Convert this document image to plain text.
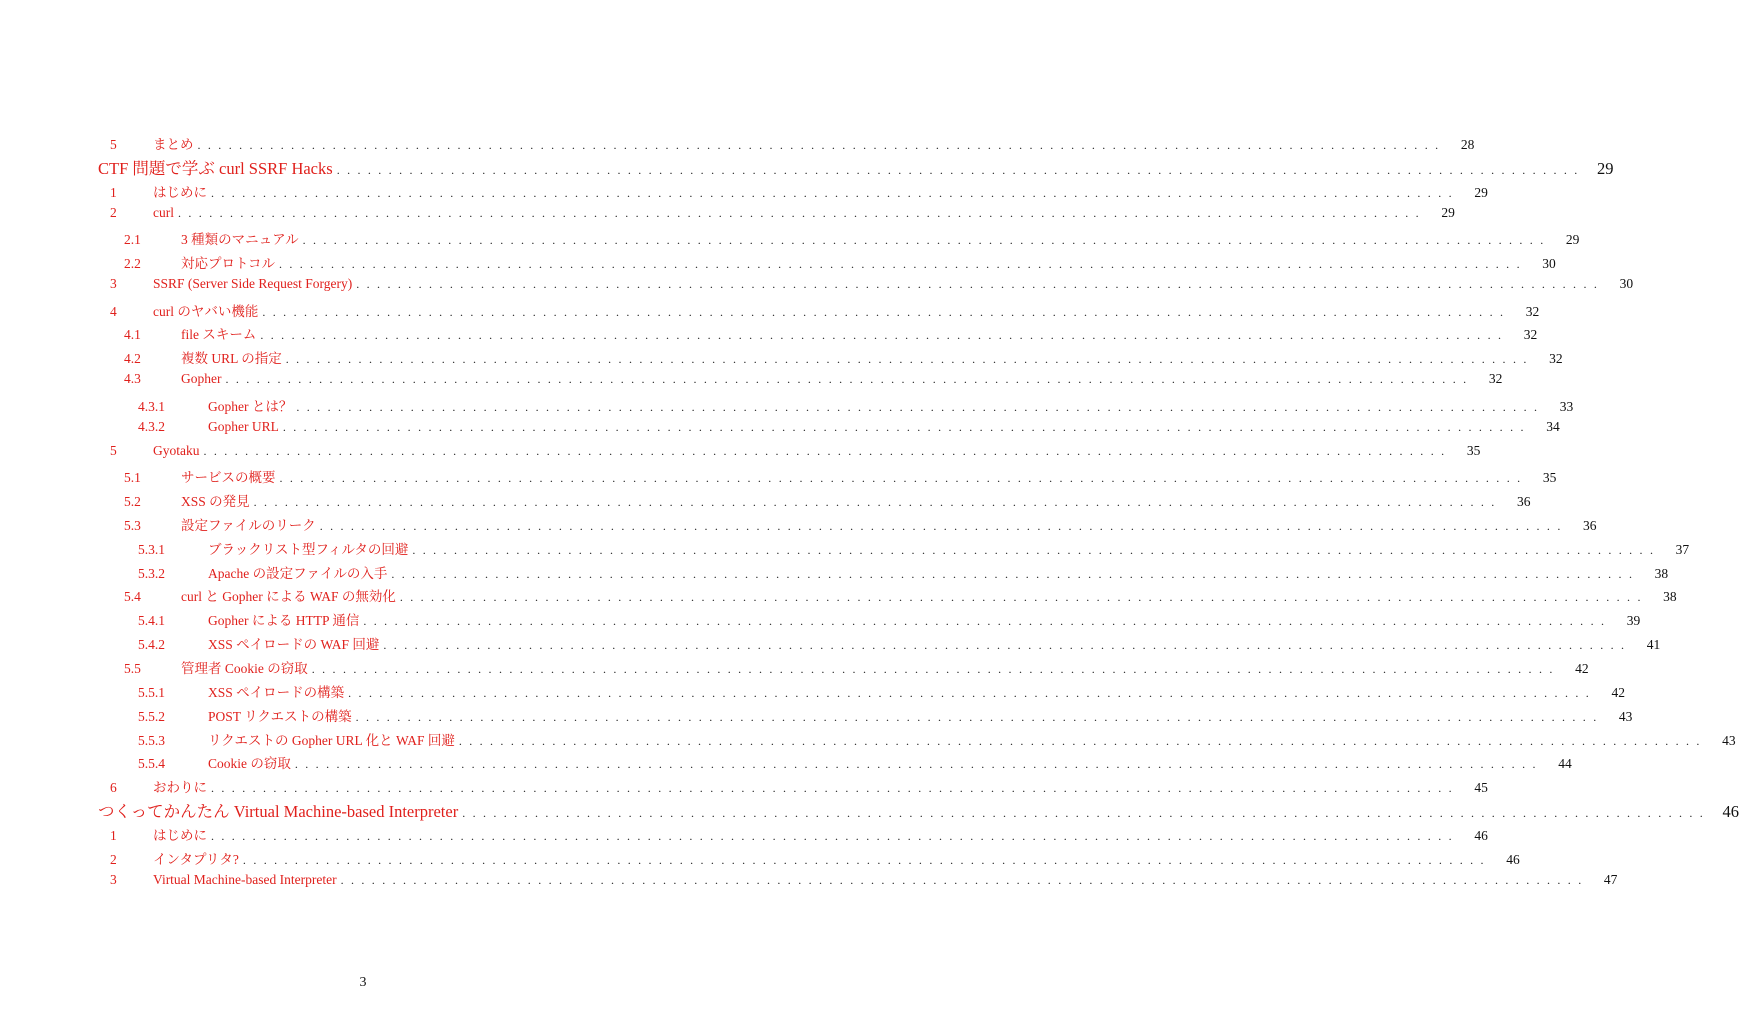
5	まとめ . . . . . . . . . . . . . . . . . . . . . . . . . . . . . . . . . . . . . . . . . . . . . . . . . . . . . . . . . . . . . . . . . . . . . . . . . . . . . . . . . . . . . . . . . . . . . . . . . . . . . . . . . . . . . . . . . . . . . . . .	28
CTF 問題で学ぶ curl SSRF Hacks . . . . . . . . . . . . . . . . . . . . . . . . . . . . . . . . . . . . . . . . . . . . . . . . . . . . . . . . . . . . . . . . . . . . . . . . . . . . . . . . . . . . . . . . . . . . . . . . . . . . . . . . . . . . . . . . . . . . . . . . 29
1	はじめに . . . . . . . . . . . . . . . . . . . . . . . . . . . . . . . . . . . . . . . . . . . . . . . . . . . . . . . . . . . . . . . . . . . . . . . . . . . . . . . . . . . . . . . . . . . . . . . . . . . . . . . . . . . . . . . . . . . . . . . .	29
2	curl . . . . . . . . . . . . . . . . . . . . . . . . . . . . . . . . . . . . . . . . . . . . . . . . . . . . . . . . . . . . . . . . . . . . . . . . . . . . . . . . . . . . . . . . . . . . . . . . . . . . . . . . . . . . . . . . . . . . . . . .	29
2.1	3 種類のマニュアル . . . . . . . . . . . . . . . . . . . . . . . . . . . . . . . . . . . . . . . . . . . . . . . . . . . . . . . . . . . . . . . . . . . . . . . . . . . . . . . . . . . . . . . . . . . . . . . . . . . . . . . . . . . . . . . . . . . . . . . .	29
2.2	対応プロトコル . . . . . . . . . . . . . . . . . . . . . . . . . . . . . . . . . . . . . . . . . . . . . . . . . . . . . . . . . . . . . . . . . . . . . . . . . . . . . . . . . . . . . . . . . . . . . . . . . . . . . . . . . . . . . . . . . . . . . . . .	30
3	SSRF (Server Side Request Forgery) . . . . . . . . . . . . . . . . . . . . . . . . . . . . . . . . . . . . . . . . . . . . . . . . . . . . . . . . . . . . . . . . . . . . . . . . . . . . . . . . . . . . . . . . . . . . . . . . . . . . . . . . . . . . . . . . . . . . . . . .	30
4	curl のヤバい機能 . . . . . . . . . . . . . . . . . . . . . . . . . . . . . . . . . . . . . . . . . . . . . . . . . . . . . . . . . . . . . . . . . . . . . . . . . . . . . . . . . . . . . . . . . . . . . . . . . . . . . . . . . . . . . . . . . . . . . . . .	32
4.1	file スキーム . . . . . . . . . . . . . . . . . . . . . . . . . . . . . . . . . . . . . . . . . . . . . . . . . . . . . . . . . . . . . . . . . . . . . . . . . . . . . . . . . . . . . . . . . . . . . . . . . . . . . . . . . . . . . . . . . . . . . . . .	32
4.2	複数 URL の指定 . . . . . . . . . . . . . . . . . . . . . . . . . . . . . . . . . . . . . . . . . . . . . . . . . . . . . . . . . . . . . . . . . . . . . . . . . . . . . . . . . . . . . . . . . . . . . . . . . . . . . . . . . . . . . . . . . . . . . . . .	32
4.3	Gopher . . . . . . . . . . . . . . . . . . . . . . . . . . . . . . . . . . . . . . . . . . . . . . . . . . . . . . . . . . . . . . . . . . . . . . . . . . . . . . . . . . . . . . . . . . . . . . . . . . . . . . . . . . . . . . . . . . . . . . . .	32
4.3.1	Gopher とは？ . . . . . . . . . . . . . . . . . . . . . . . . . . . . . . . . . . . . . . . . . . . . . . . . . . . . . . . . . . . . . . . . . . . . . . . . . . . . . . . . . . . . . . . . . . . . . . . . . . . . . . . . . . . . . . . . . . . . . . . .	33
4.3.2	Gopher URL . . . . . . . . . . . . . . . . . . . . . . . . . . . . . . . . . . . . . . . . . . . . . . . . . . . . . . . . . . . . . . . . . . . . . . . . . . . . . . . . . . . . . . . . . . . . . . . . . . . . . . . . . . . . . . . . . . . . . . . .	34
5	Gyotaku . . . . . . . . . . . . . . . . . . . . . . . . . . . . . . . . . . . . . . . . . . . . . . . . . . . . . . . . . . . . . . . . . . . . . . . . . . . . . . . . . . . . . . . . . . . . . . . . . . . . . . . . . . . . . . . . . . . . . . . .	35
5.1	サービスの概要 . . . . . . . . . . . . . . . . . . . . . . . . . . . . . . . . . . . . . . . . . . . . . . . . . . . . . . . . . . . . . . . . . . . . . . . . . . . . . . . . . . . . . . . . . . . . . . . . . . . . . . . . . . . . . . . . . . . . . . . .	35
5.2	XSS の発見 . . . . . . . . . . . . . . . . . . . . . . . . . . . . . . . . . . . . . . . . . . . . . . . . . . . . . . . . . . . . . . . . . . . . . . . . . . . . . . . . . . . . . . . . . . . . . . . . . . . . . . . . . . . . . . . . . . . . . . . .	36
5.3	設定ファイルのリーク . . . . . . . . . . . . . . . . . . . . . . . . . . . . . . . . . . . . . . . . . . . . . . . . . . . . . . . . . . . . . . . . . . . . . . . . . . . . . . . . . . . . . . . . . . . . . . . . . . . . . . . . . . . . . . . . . . . . . . . .	36
5.3.1	ブラックリスト型フィルタの回避 . . . . . . . . . . . . . . . . . . . . . . . . . . . . . . . . . . . . . . . . . . . . . . . . . . . . . . . . . . . . . . . . . . . . . . . . . . . . . . . . . . . . . . . . . . . . . . . . . . . . . . . . . . . . . . . . . . . . . . . .	37
5.3.2	Apache の設定ファイルの入手 . . . . . . . . . . . . . . . . . . . . . . . . . . . . . . . . . . . . . . . . . . . . . . . . . . . . . . . . . . . . . . . . . . . . . . . . . . . . . . . . . . . . . . . . . . . . . . . . . . . . . . . . . . . . . . . . . . . . . . . .	38
5.4	curl と Gopher による WAF の無効化 . . . . . . . . . . . . . . . . . . . . . . . . . . . . . . . . . . . . . . . . . . . . . . . . . . . . . . . . . . . . . . . . . . . . . . . . . . . . . . . . . . . . . . . . . . . . . . . . . . . . . . . . . . . . . . . . . . . . . . . .	38
5.4.1	Gopher による HTTP 通信 . . . . . . . . . . . . . . . . . . . . . . . . . . . . . . . . . . . . . . . . . . . . . . . . . . . . . . . . . . . . . . . . . . . . . . . . . . . . . . . . . . . . . . . . . . . . . . . . . . . . . . . . . . . . . . . . . . . . . . . .	39
5.4.2	XSS ペイロードの WAF 回避 . . . . . . . . . . . . . . . . . . . . . . . . . . . . . . . . . . . . . . . . . . . . . . . . . . . . . . . . . . . . . . . . . . . . . . . . . . . . . . . . . . . . . . . . . . . . . . . . . . . . . . . . . . . . . . . . . . . . . . . .	41
5.5	管理者 Cookie の窃取 . . . . . . . . . . . . . . . . . . . . . . . . . . . . . . . . . . . . . . . . . . . . . . . . . . . . . . . . . . . . . . . . . . . . . . . . . . . . . . . . . . . . . . . . . . . . . . . . . . . . . . . . . . . . . . . . . . . . . . . .	42
5.5.1	XSS ペイロードの構築 . . . . . . . . . . . . . . . . . . . . . . . . . . . . . . . . . . . . . . . . . . . . . . . . . . . . . . . . . . . . . . . . . . . . . . . . . . . . . . . . . . . . . . . . . . . . . . . . . . . . . . . . . . . . . . . . . . . . . . . .	42
5.5.2	POST リクエストの構築 . . . . . . . . . . . . . . . . . . . . . . . . . . . . . . . . . . . . . . . . . . . . . . . . . . . . . . . . . . . . . . . . . . . . . . . . . . . . . . . . . . . . . . . . . . . . . . . . . . . . . . . . . . . . . . . . . . . . . . . .	43
5.5.3	リクエストの Gopher URL 化と WAF 回避 . . . . . . . . . . . . . . . . . . . . . . . . . . . . . . . . . . . . . . . . . . . . . . . . . . . . . . . . . . . . . . . . . . . . . . . . . . . . . . . . . . . . . . . . . . . . . . . . . . . . . . . . . . . . . . . . . . . . . . . .	43
5.5.4	Cookie の窃取 . . . . . . . . . . . . . . . . . . . . . . . . . . . . . . . . . . . . . . . . . . . . . . . . . . . . . . . . . . . . . . . . . . . . . . . . . . . . . . . . . . . . . . . . . . . . . . . . . . . . . . . . . . . . . . . . . . . . . . . .	44
6	おわりに . . . . . . . . . . . . . . . . . . . . . . . . . . . . . . . . . . . . . . . . . . . . . . . . . . . . . . . . . . . . . . . . . . . . . . . . . . . . . . . . . . . . . . . . . . . . . . . . . . . . . . . . . . . . . . . . . . . . . . . .	45
つくってかんたん Virtual Machine-based Interpreter . . . . . . . . . . . . . . . . . . . . . . . . . . . . . . . . . . . . . . . . . . . . . . . . . . . . . . . . . . . . . . . . . . . . . . . . . . . . . . . . . . . . . . . . . . . . . . . . . . . . . . . . . . . . . . . . . . . . . . . . 46
1	はじめに . . . . . . . . . . . . . . . . . . . . . . . . . . . . . . . . . . . . . . . . . . . . . . . . . . . . . . . . . . . . . . . . . . . . . . . . . . . . . . . . . . . . . . . . . . . . . . . . . . . . . . . . . . . . . . . . . . . . . . . .	46
2	インタプリタ? . . . . . . . . . . . . . . . . . . . . . . . . . . . . . . . . . . . . . . . . . . . . . . . . . . . . . . . . . . . . . . . . . . . . . . . . . . . . . . . . . . . . . . . . . . . . . . . . . . . . . . . . . . . . . . . . . . . . . . . .	46
3	Virtual Machine-based Interpreter . . . . . . . . . . . . . . . . . . . . . . . . . . . . . . . . . . . . . . . . . . . . . . . . . . . . . . . . . . . . . . . . . . . . . . . . . . . . . . . . . . . . . . . . . . . . . . . . . . . . . . . . . . . . . . . . . . . . . . . .	47
3
